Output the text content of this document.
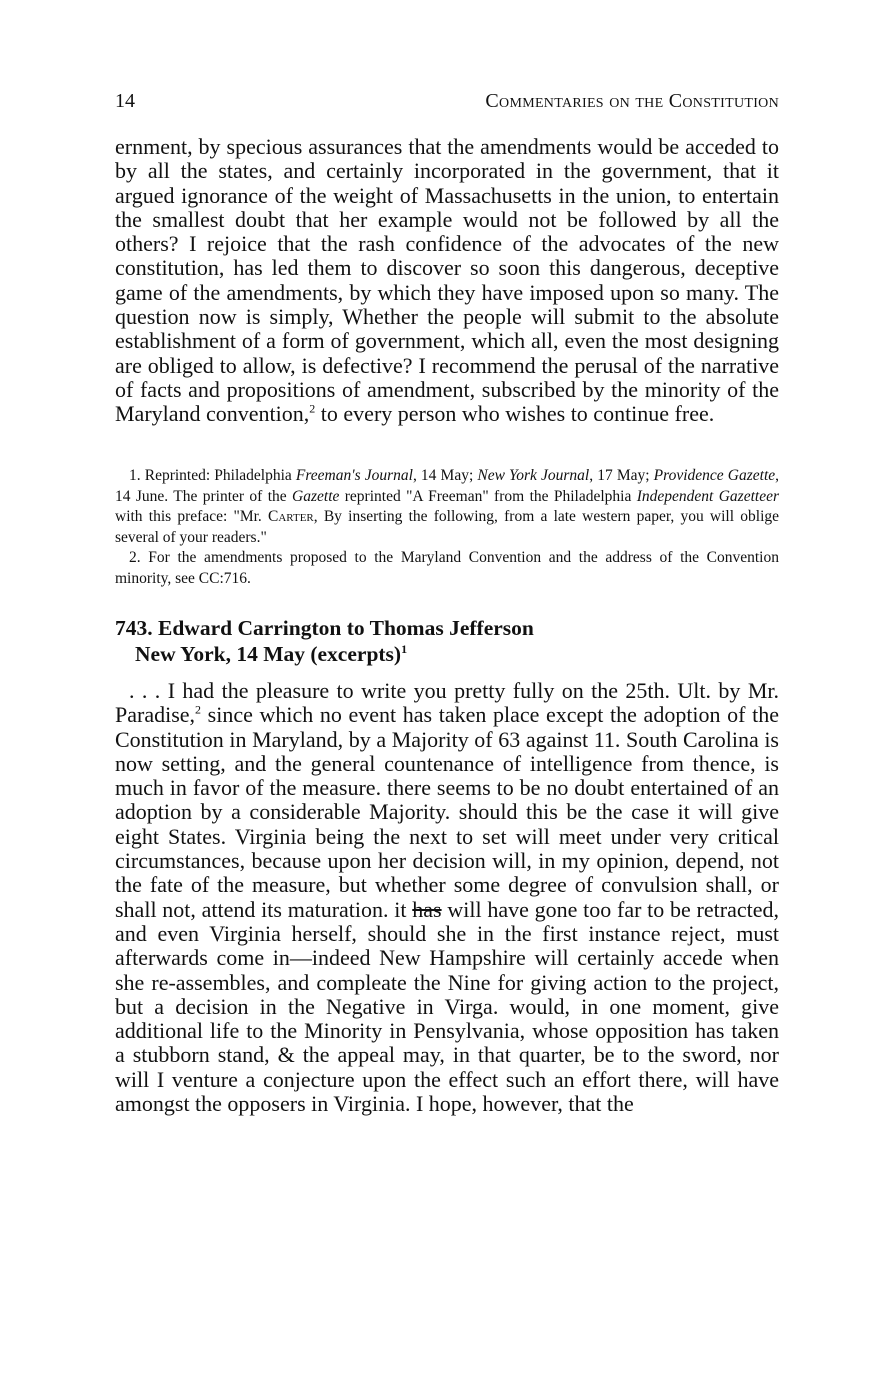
14	Commentaries on the Constitution

ernment, by specious assurances that the amendments would be acceded to by all the states, and certainly incorporated in the government, that it argued ignorance of the weight of Massachusetts in the union, to entertain the smallest doubt that her example would not be followed by all the others? I rejoice that the rash confidence of the advocates of the new constitution, has led them to discover so soon this dangerous, deceptive game of the amendments, by which they have imposed upon so many. The question now is simply, Whether the people will submit to the absolute establishment of a form of government, which all, even the most designing are obliged to allow, is defective? I recommend the perusal of the narrative of facts and propositions of amendment, subscribed by the minority of the Maryland convention,$^2$ to every person who wishes to continue free.

1. Reprinted: Philadelphia Freeman's Journal, 14 May; New York Journal, 17 May; Providence Gazette, 14 June. The printer of the Gazette reprinted "A Freeman" from the Philadelphia Independent Gazetteer with this preface: "Mr. Carter, By inserting the following, from a late western paper, you will oblige several of your readers."

2. For the amendments proposed to the Maryland Convention and the address of the Convention minority, see CC:716.

743. Edward Carrington to Thomas Jefferson
New York, 14 May (excerpts)$^1$

. . . I had the pleasure to write you pretty fully on the 25th. Ult. by Mr. Paradise,$^2$ since which no event has taken place except the adoption of the Constitution in Maryland, by a Majority of 63 against 11. South Carolina is now setting, and the general countenance of intelligence from thence, is much in favor of the measure. there seems to be no doubt entertained of an adoption by a considerable Majority. should this be the case it will give eight States. Virginia being the next to set will meet under very critical circumstances, because upon her decision will, in my opinion, depend, not the fate of the measure, but whether some degree of convulsion shall, or shall not, attend its maturation. it has will have gone too far to be retracted, and even Virginia herself, should she in the first instance reject, must afterwards come in—indeed New Hampshire will certainly accede when she re-assembles, and compleate the Nine for giving action to the project, but a decision in the Negative in Virga. would, in one moment, give additional life to the Minority in Pensylvania, whose opposition has taken a stubborn stand, & the appeal may, in that quarter, be to the sword, nor will I venture a conjecture upon the effect such an effort there, will have amongst the opposers in Virginia. I hope, however, that the
